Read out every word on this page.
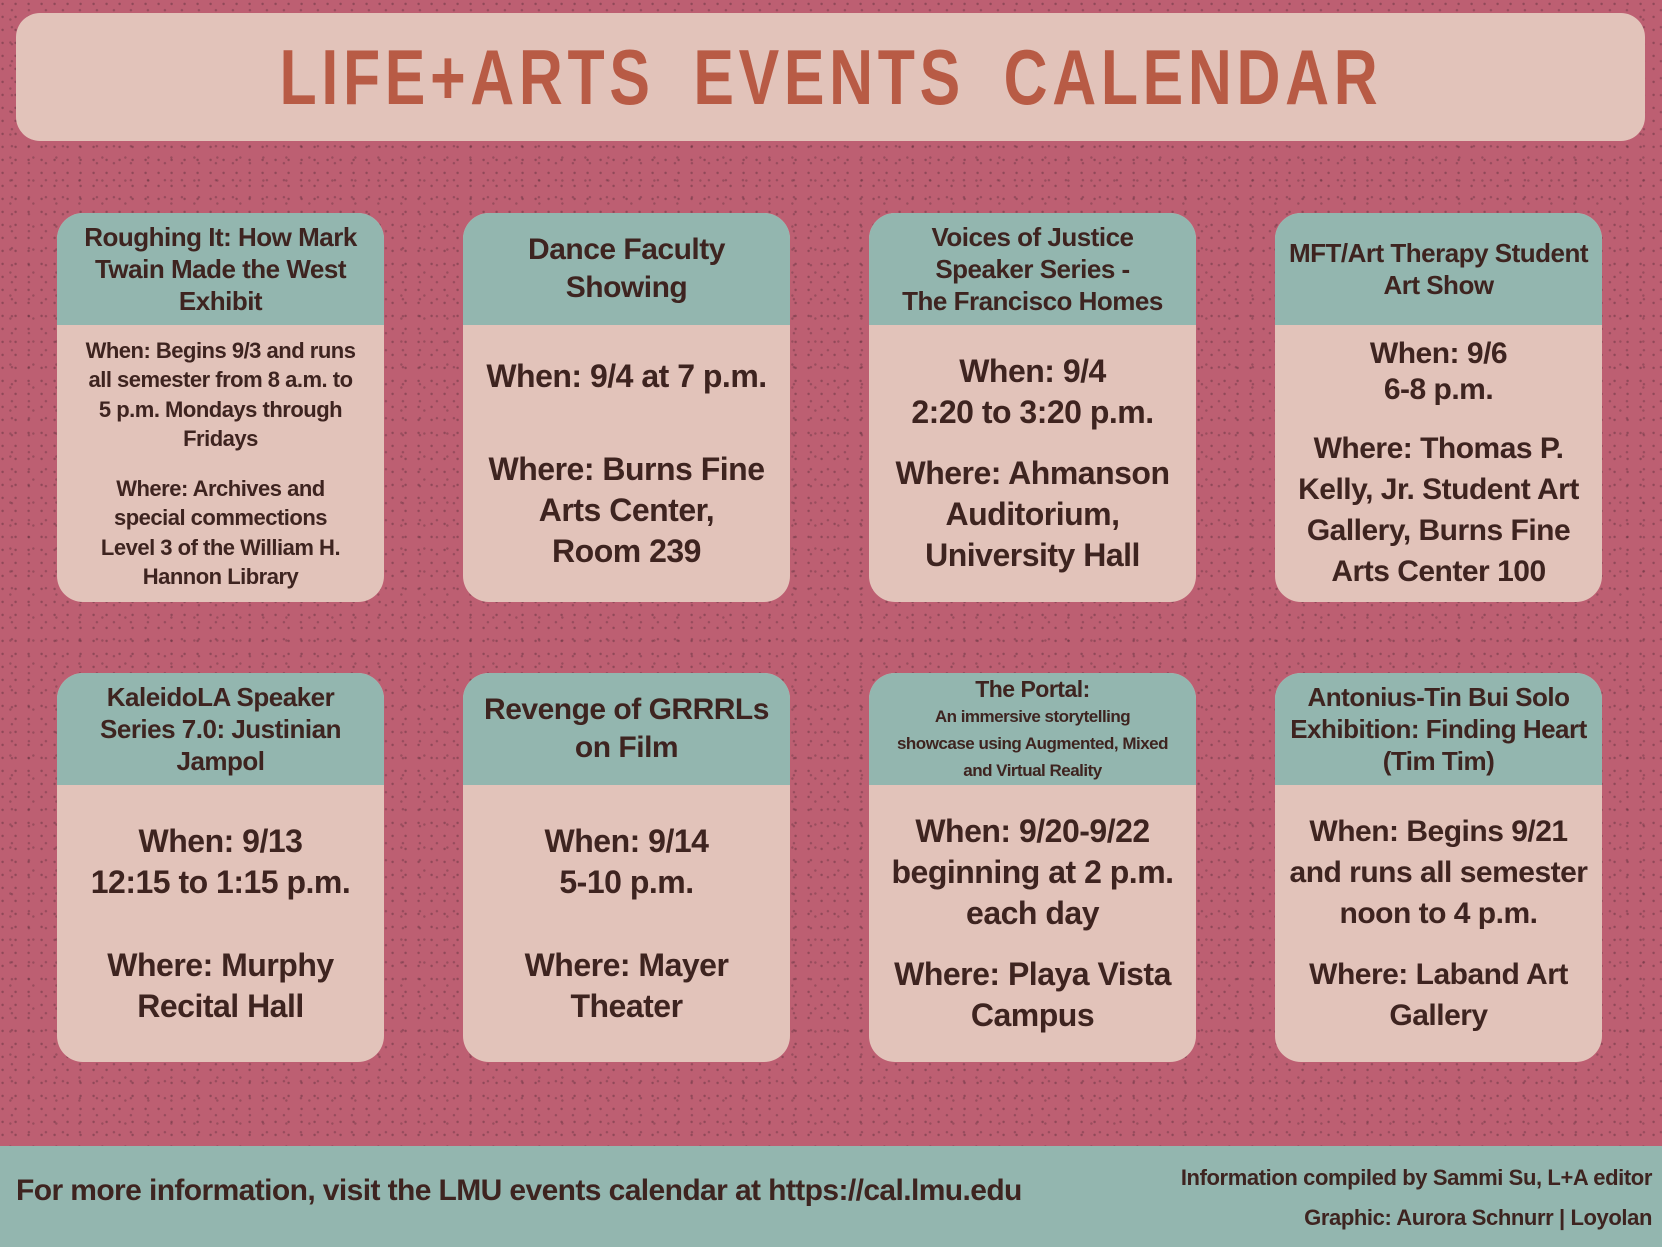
LIFE+ARTS EVENTS CALENDAR
Roughing It: How Mark
Twain Made the West
Exhibit
When: Begins 9/3 and runs
all semester from 8 a.m. to
5 p.m. Mondays through
Fridays
Where: Archives and
special commections
Level 3 of the William H.
Hannon Library
Dance Faculty
Showing
When: 9/4 at 7 p.m.
Where: Burns Fine
Arts Center,
Room 239
Voices of Justice
Speaker Series -
The Francisco Homes
When: 9/4
2:20 to 3:20 p.m.
Where: Ahmanson
Auditorium,
University Hall
MFT/Art Therapy Student
Art Show
When: 9/6
6-8 p.m.
Where: Thomas P.
Kelly, Jr. Student Art
Gallery, Burns Fine
Arts Center 100
KaleidoLA Speaker
Series 7.0: Justinian
Jampol
When: 9/13
12:15 to 1:15 p.m.
Where: Murphy
Recital Hall
Revenge of GRRRLs
on Film
When: 9/14
5-10 p.m.
Where: Mayer
Theater
The Portal:
An immersive storytelling
showcase using Augmented, Mixed
and Virtual Reality
When: 9/20-9/22
beginning at 2 p.m.
each day
Where: Playa Vista
Campus
Antonius-Tin Bui Solo
Exhibition: Finding Heart
(Tim Tim)
When: Begins 9/21
and runs all semester
noon to 4 p.m.
Where: Laband Art
Gallery
For more information, visit the LMU events calendar at https://cal.lmu.edu	Information compiled by Sammi Su, L+A editor
Graphic: Aurora Schnurr | Loyolan
